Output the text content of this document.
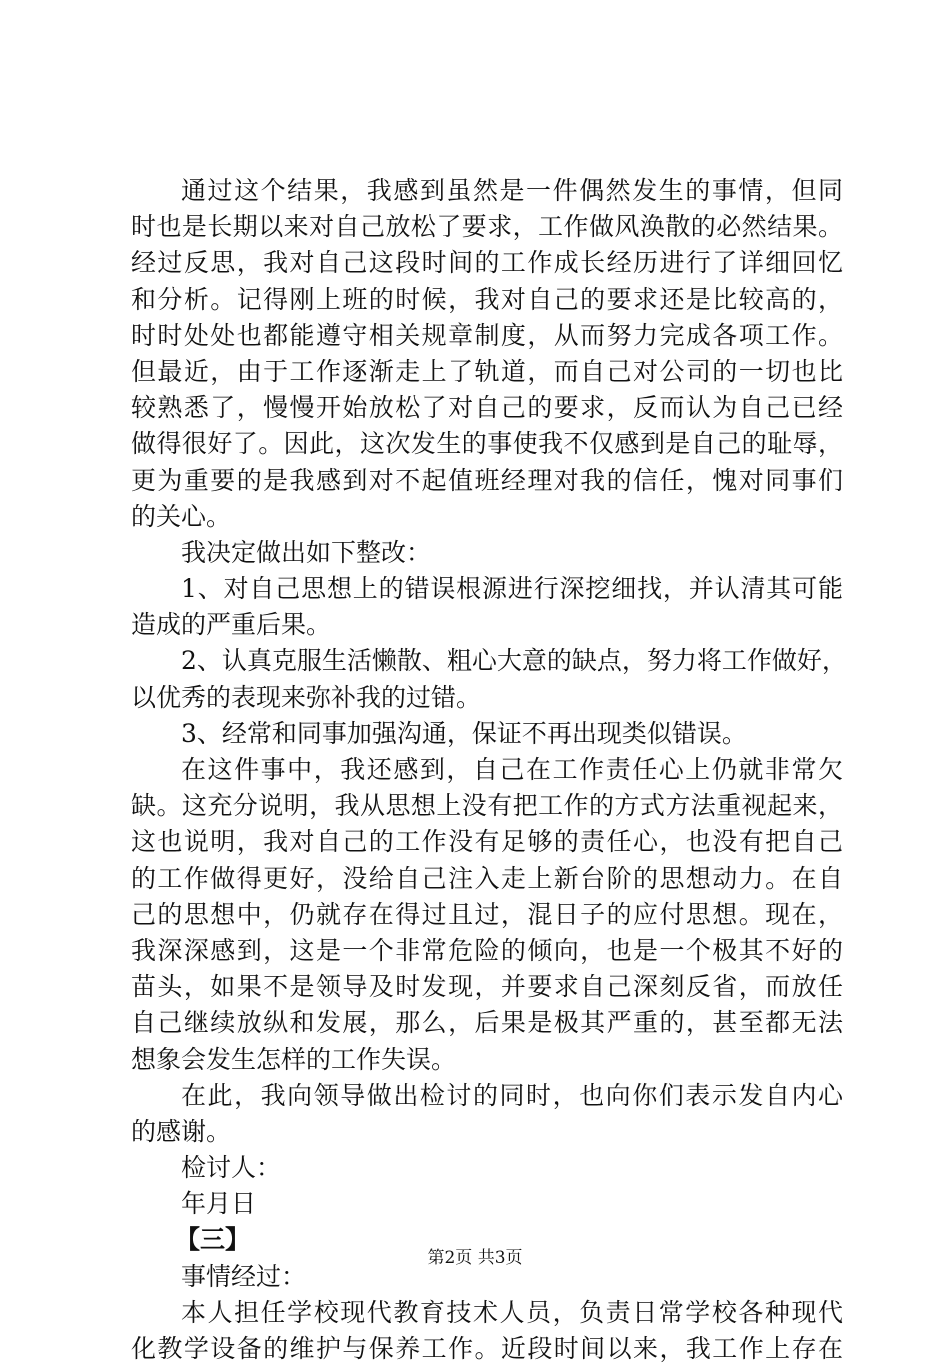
通过这个结果，我感到虽然是一件偶然发生的事情，但同
时也是长期以来对自己放松了要求，工作做风涣散的必然结果。
经过反思，我对自己这段时间的工作成长经历进行了详细回忆
和分析。记得刚上班的时候，我对自己的要求还是比较高的，
时时处处也都能遵守相关规章制度，从而努力完成各项工作。
但最近，由于工作逐渐走上了轨道，而自己对公司的一切也比
较熟悉了，慢慢开始放松了对自己的要求，反而认为自己已经
做得很好了。因此，这次发生的事使我不仅感到是自己的耻辱，
更为重要的是我感到对不起值班经理对我的信任，愧对同事们
的关心。
我决定做出如下整改：
1、对自己思想上的错误根源进行深挖细找，并认清其可能
造成的严重后果。
2、认真克服生活懒散、粗心大意的缺点，努力将工作做好，
以优秀的表现来弥补我的过错。
3、经常和同事加强沟通，保证不再出现类似错误。
在这件事中，我还感到，自己在工作责任心上仍就非常欠
缺。这充分说明，我从思想上没有把工作的方式方法重视起来，
这也说明，我对自己的工作没有足够的责任心，也没有把自己
的工作做得更好，没给自己注入走上新台阶的思想动力。在自
己的思想中，仍就存在得过且过，混日子的应付思想。现在，
我深深感到，这是一个非常危险的倾向，也是一个极其不好的
苗头，如果不是领导及时发现，并要求自己深刻反省，而放任
自己继续放纵和发展，那么，后果是极其严重的，甚至都无法
想象会发生怎样的工作失误。
在此，我向领导做出检讨的同时，也向你们表示发自内心
的感谢。
检讨人：
年月日
【三】
事情经过：
本人担任学校现代教育技术人员，负责日常学校各种现代
化教学设备的维护与保养工作。近段时间以来，我工作上存在
第2页 共3页
